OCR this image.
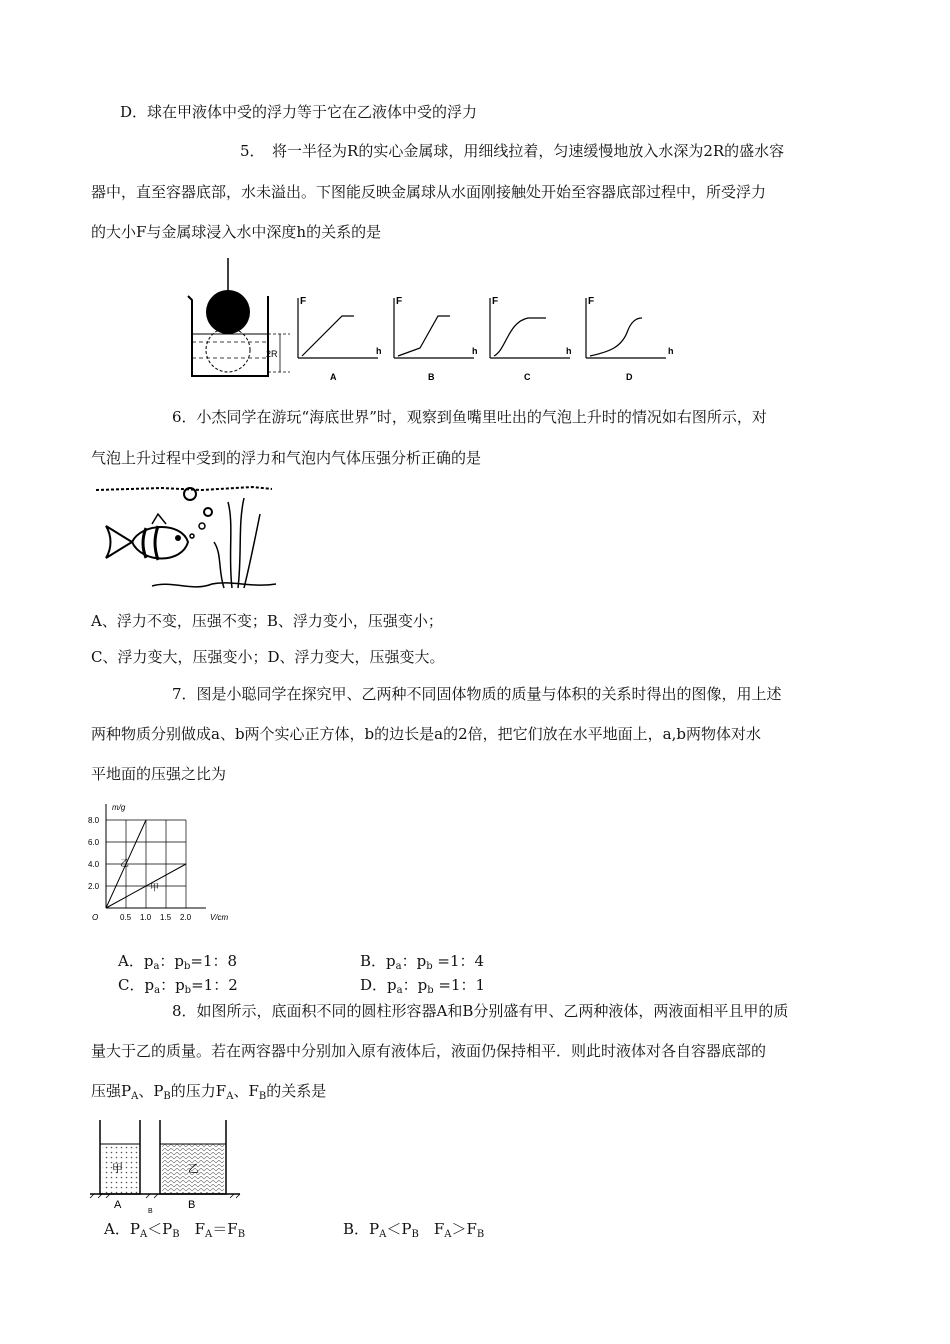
D．球在甲液体中受的浮力等于它在乙液体中受的浮力
5．　将一半径为R的实心金属球，用细线拉着，匀速缓慢地放入水深为2R的盛水容
器中，直至容器底部，水未溢出。下图能反映金属球从水面刚接触处开始至容器底部过程中，所受浮力
的大小F与金属球浸入水中深度h的关系的是
2R
F
h
A
F
h
B
F
h
C
F
h
D
6．小杰同学在游玩“海底世界”时，观察到鱼嘴里吐出的气泡上升时的情况如右图所示，对
气泡上升过程中受到的浮力和气泡内气体压强分析正确的是
A、浮力不变，压强不变；B、浮力变小，压强变小；
C、浮力变大，压强变小；D、浮力变大，压强变大。
7．图是小聪同学在探究甲、乙两种不同固体物质的质量与体积的关系时得出的图像，用上述
两种物质分别做成a、b两个实心正方体，b的边长是a的2倍，把它们放在水平地面上，a,b两物体对水
平地面的压强之比为
乙
甲
0.5 1.0 1.5 2.0
2.0
4.0
6.0
8.0
m/g
O	V/cm
A．$p_a$：$p_b=1$：8	B．$p_a$：$p_b =1$：4
C．$p_a$：$p_b=1$：2	D．$p_a$：$p_b =1$：1
8．如图所示，底面积不同的圆柱形容器A和B分别盛有甲、乙两种液体，两液面相平且甲的质
量大于乙的质量。若在两容器中分别加入原有液体后，液面仍保持相平．则此时液体对各自容器底部的
压强$P_A$、$P_B$的压力$F_A$、$F_B$的关系是
甲
A
乙
B
B
A．$P_A<P_B$　$F_A=F_B$	B．$P_A<P_B$　$F_A>F_B$
